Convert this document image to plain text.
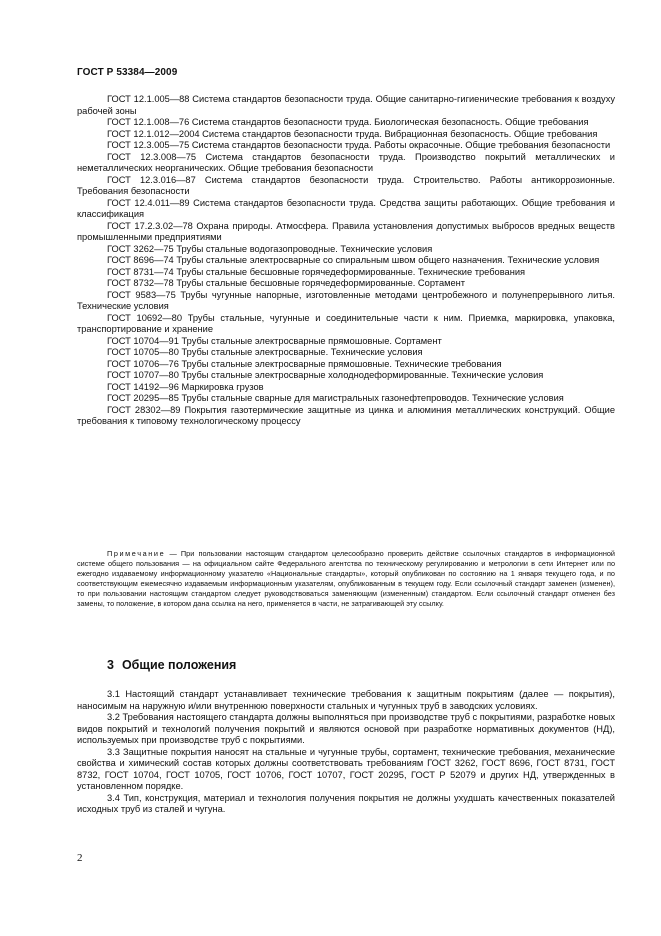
ГОСТ Р 53384—2009

ГОСТ 12.1.005—88 Система стандартов безопасности труда. Общие санитарно-гигиенические требования к воздуху рабочей зоны

ГОСТ 12.1.008—76 Система стандартов безопасности труда. Биологическая безопасность. Общие требования

ГОСТ 12.1.012—2004 Система стандартов безопасности труда. Вибрационная безопасность. Общие требования

ГОСТ 12.3.005—75 Система стандартов безопасности труда. Работы окрасочные. Общие требования безопасности

ГОСТ 12.3.008—75 Система стандартов безопасности труда. Производство покрытий металлических и неметаллических неорганических. Общие требования безопасности

ГОСТ 12.3.016—87 Система стандартов безопасности труда. Строительство. Работы антикоррозионные. Требования безопасности

ГОСТ 12.4.011—89 Система стандартов безопасности труда. Средства защиты работающих. Общие требования и классификация

ГОСТ 17.2.3.02—78 Охрана природы. Атмосфера. Правила установления допустимых выбросов вредных веществ промышленными предприятиями

ГОСТ 3262—75 Трубы стальные водогазопроводные. Технические условия

ГОСТ 8696—74 Трубы стальные электросварные со спиральным швом общего назначения. Технические условия

ГОСТ 8731—74 Трубы стальные бесшовные горячедеформированные. Технические требования

ГОСТ 8732—78 Трубы стальные бесшовные горячедеформированные. Сортамент

ГОСТ 9583—75 Трубы чугунные напорные, изготовленные методами центробежного и полунепрерывного литья. Технические условия

ГОСТ 10692—80 Трубы стальные, чугунные и соединительные части к ним. Приемка, маркировка, упаковка, транспортирование и хранение

ГОСТ 10704—91 Трубы стальные электросварные прямошовные. Сортамент

ГОСТ 10705—80 Трубы стальные электросварные. Технические условия

ГОСТ 10706—76 Трубы стальные электросварные прямошовные. Технические требования

ГОСТ 10707—80 Трубы стальные электросварные холоднодеформированные. Технические условия

ГОСТ 14192—96 Маркировка грузов

ГОСТ 20295—85 Трубы стальные сварные для магистральных газонефтепроводов. Технические условия

ГОСТ 28302—89 Покрытия газотермические защитные из цинка и алюминия металлических конструкций. Общие требования к типовому технологическому процессу

Примечание — При пользовании настоящим стандартом целесообразно проверить действие ссылочных стандартов в информационной системе общего пользования — на официальном сайте Федерального агентства по техническому регулированию и метрологии в сети Интернет или по ежегодно издаваемому информационному указателю «Национальные стандарты», который опубликован по состоянию на 1 января текущего года, и по соответствующим ежемесячно издаваемым информационным указателям, опубликованным в текущем году. Если ссылочный стандарт заменен (изменен), то при пользовании настоящим стандартом следует руководствоваться заменяющим (измененным) стандартом. Если ссылочный стандарт отменен без замены, то положение, в котором дана ссылка на него, применяется в части, не затрагивающей эту ссылку.
3 Общие положения

3.1 Настоящий стандарт устанавливает технические требования к защитным покрытиям (далее — покрытия), наносимым на наружную и/или внутреннюю поверхности стальных и чугунных труб в заводских условиях.

3.2 Требования настоящего стандарта должны выполняться при производстве труб с покрытиями, разработке новых видов покрытий и технологий получения покрытий и являются основой при разработке нормативных документов (НД), используемых при производстве труб с покрытиями.

3.3 Защитные покрытия наносят на стальные и чугунные трубы, сортамент, технические требования, механические свойства и химический состав которых должны соответствовать требованиям ГОСТ 3262, ГОСТ 8696, ГОСТ 8731, ГОСТ 8732, ГОСТ 10704, ГОСТ 10705, ГОСТ 10706, ГОСТ 10707, ГОСТ 20295, ГОСТ Р 52079 и других НД, утвержденных в установленном порядке.

3.4 Тип, конструкция, материал и технология получения покрытия не должны ухудшать качественных показателей исходных труб из сталей и чугуна.

2
